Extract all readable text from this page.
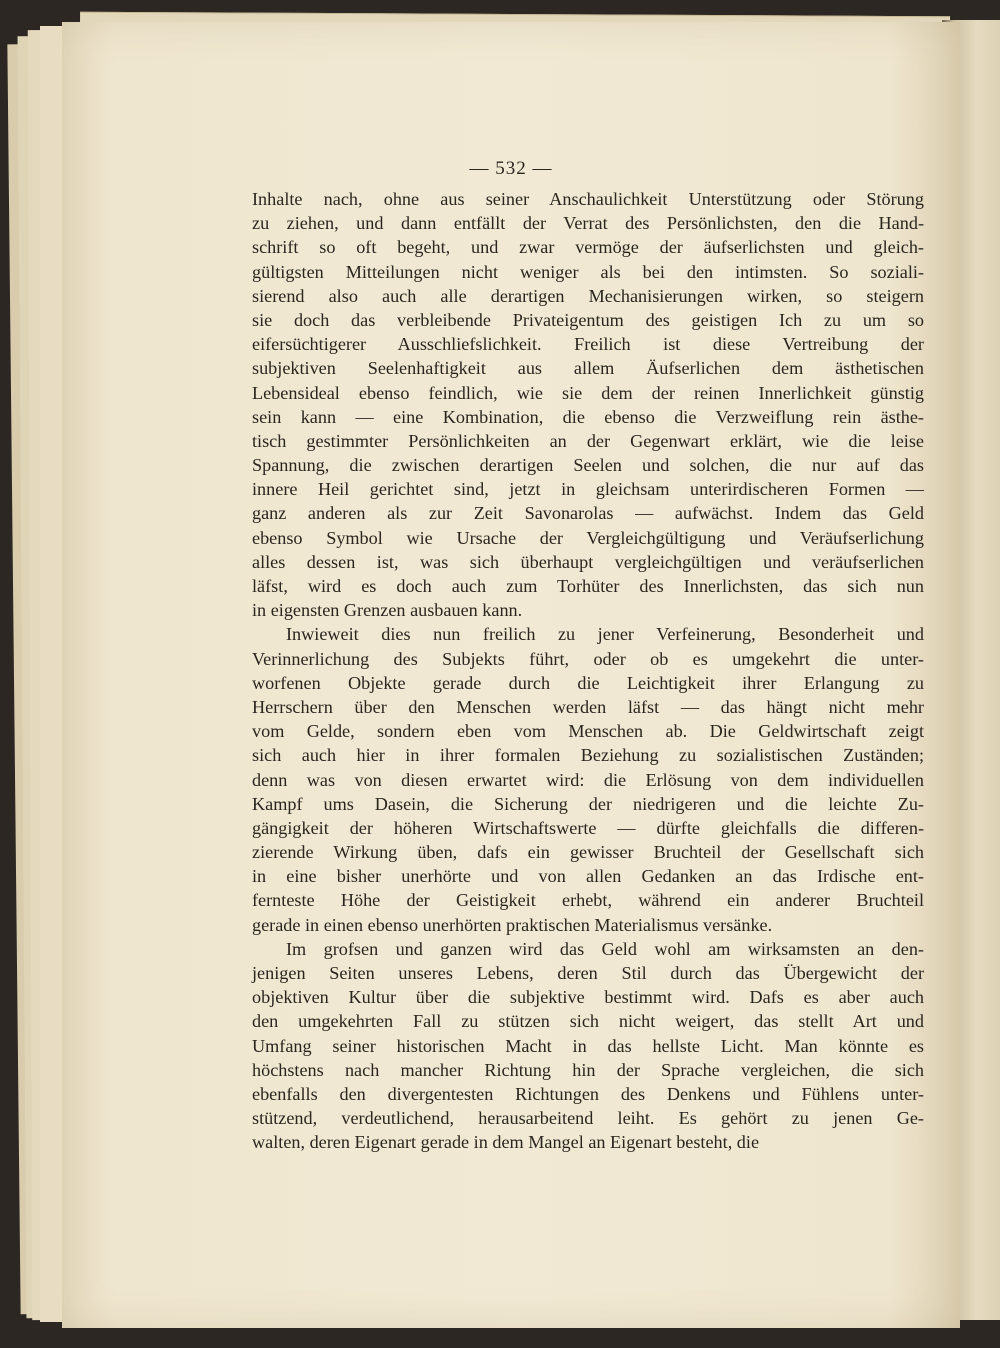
— 532 —
Inhalte nach, ohne aus seiner Anschaulichkeit Unterstützung oder Störung
zu ziehen, und dann entfällt der Verrat des Persönlichsten, den die Hand-
schrift so oft begeht, und zwar vermöge der äufserlichsten und gleich-
gültigsten Mitteilungen nicht weniger als bei den intimsten. So soziali-
sierend also auch alle derartigen Mechanisierungen wirken, so steigern
sie doch das verbleibende Privateigentum des geistigen Ich zu um so
eifersüchtigerer Ausschliefslichkeit. Freilich ist diese Vertreibung der
subjektiven Seelenhaftigkeit aus allem Äufserlichen dem ästhetischen
Lebensideal ebenso feindlich, wie sie dem der reinen Innerlichkeit günstig
sein kann — eine Kombination, die ebenso die Verzweiflung rein ästhe-
tisch gestimmter Persönlichkeiten an der Gegenwart erklärt, wie die leise
Spannung, die zwischen derartigen Seelen und solchen, die nur auf das
innere Heil gerichtet sind, jetzt in gleichsam unterirdischeren Formen —
ganz anderen als zur Zeit Savonarolas — aufwächst. Indem das Geld
ebenso Symbol wie Ursache der Vergleichgültigung und Veräufserlichung
alles dessen ist, was sich überhaupt vergleichgültigen und veräufserlichen
läfst, wird es doch auch zum Torhüter des Innerlichsten, das sich nun
in eigensten Grenzen ausbauen kann.
Inwieweit dies nun freilich zu jener Verfeinerung, Besonderheit und
Verinnerlichung des Subjekts führt, oder ob es umgekehrt die unter-
worfenen Objekte gerade durch die Leichtigkeit ihrer Erlangung zu
Herrschern über den Menschen werden läfst — das hängt nicht mehr
vom Gelde, sondern eben vom Menschen ab. Die Geldwirtschaft zeigt
sich auch hier in ihrer formalen Beziehung zu sozialistischen Zuständen;
denn was von diesen erwartet wird: die Erlösung von dem individuellen
Kampf ums Dasein, die Sicherung der niedrigeren und die leichte Zu-
gängigkeit der höheren Wirtschaftswerte — dürfte gleichfalls die differen-
zierende Wirkung üben, dafs ein gewisser Bruchteil der Gesellschaft sich
in eine bisher unerhörte und von allen Gedanken an das Irdische ent-
fernteste Höhe der Geistigkeit erhebt, während ein anderer Bruchteil
gerade in einen ebenso unerhörten praktischen Materialismus versänke.
Im grofsen und ganzen wird das Geld wohl am wirksamsten an den-
jenigen Seiten unseres Lebens, deren Stil durch das Übergewicht der
objektiven Kultur über die subjektive bestimmt wird. Dafs es aber auch
den umgekehrten Fall zu stützen sich nicht weigert, das stellt Art und
Umfang seiner historischen Macht in das hellste Licht. Man könnte es
höchstens nach mancher Richtung hin der Sprache vergleichen, die sich
ebenfalls den divergentesten Richtungen des Denkens und Fühlens unter-
stützend, verdeutlichend, herausarbeitend leiht. Es gehört zu jenen Ge-
walten, deren Eigenart gerade in dem Mangel an Eigenart besteht, die
